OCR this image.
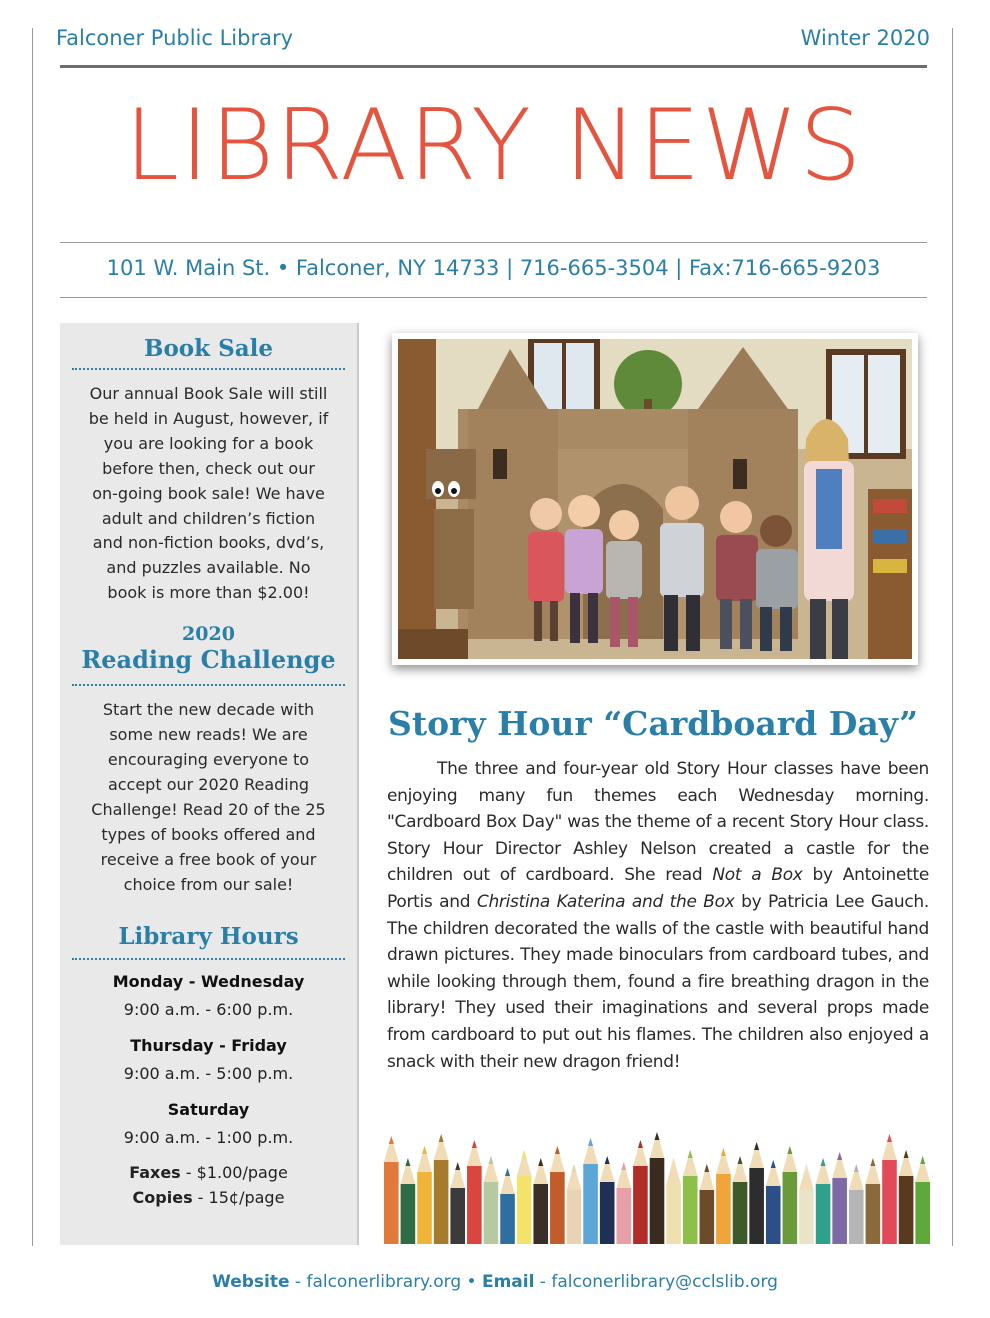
Falconer Public Library	Winter 2020
LIBRARY NEWS
101 W. Main St. • Falconer, NY 14733 | 716-665-3504 | Fax:716-665-9203
Book Sale

Our annual Book Sale will still

be held in August, however, if

you are looking for a book

before then, check out our

on-going book sale! We have

adult and children’s fiction

and non-fiction books, dvd’s,

and puzzles available. No

book is more than $2.00!

2020
Reading Challenge

Start the new decade with

some new reads! We are

encouraging everyone to

accept our 2020 Reading

Challenge! Read 20 of the 25

types of books offered and

receive a free book of your

choice from our sale!

Library Hours
Monday - Wednesday
9:00 a.m. - 6:00 p.m.
Thursday - Friday
9:00 a.m. - 5:00 p.m.
Saturday
9:00 a.m. - 1:00 p.m.
Faxes - $1.00/page
Copies - 15¢/page
Story Hour “Cardboard Day”

The three and four-year old Story Hour classes have been enjoying many fun themes each Wednesday morning. "Cardboard Box Day" was the theme of a recent Story Hour class. Story Hour Director Ashley Nelson created a castle for the children out of cardboard. She read Not a Box by Antoinette Portis and Christina Katerina and the Box by Patricia Lee Gauch. The children decorated the walls of the castle with beautiful hand drawn pictures. They made binoculars from cardboard tubes, and while looking through them, found a fire breathing dragon in the library! They used their imaginations and several props made from cardboard to put out his flames. The children also enjoyed a snack with their new dragon friend!

Website - falconerlibrary.org • Email - falconerlibrary@cclslib.org
